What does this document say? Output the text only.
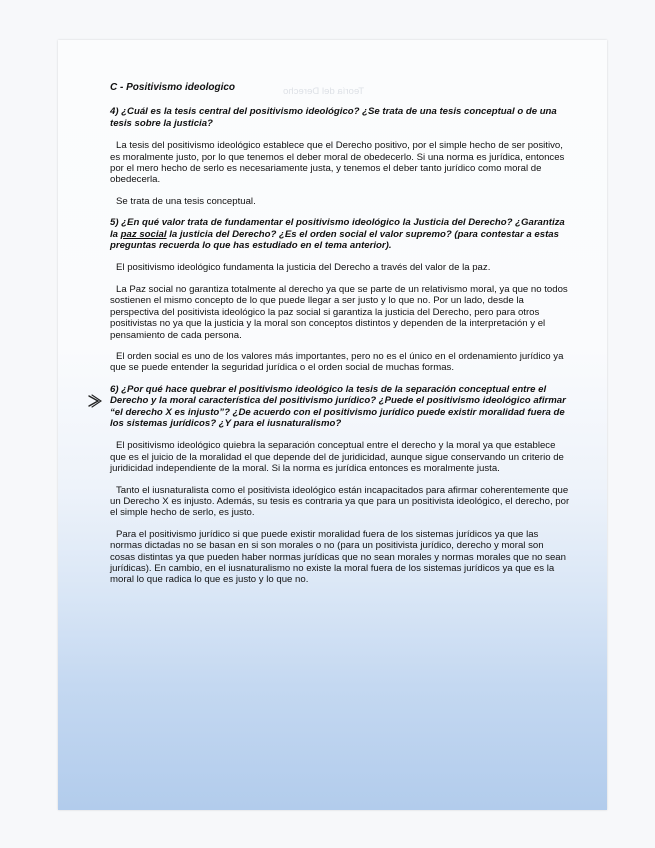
Teoría del Derecho
C - Positivismo ideologico
4) ¿Cuál es la tesis central del positivismo ideológico? ¿Se trata de una tesis conceptual o de una tesis sobre la justicia?

La tesis del positivismo ideológico establece que el Derecho positivo, por el simple hecho de ser positivo, es moralmente justo, por lo que tenemos el deber moral de obedecerlo. Si una norma es jurídica, entonces por el mero hecho de serlo es necesariamente justa, y tenemos el deber tanto jurídico como moral de obedecerla.

Se trata de una tesis conceptual.

5) ¿En qué valor trata de fundamentar el positivismo ideológico la Justicia del Derecho? ¿Garantiza la paz social la justicia del Derecho? ¿Es el orden social el valor supremo? (para contestar a estas preguntas recuerda lo que has estudiado en el tema anterior).

El positivismo ideológico fundamenta la justicia del Derecho a través del valor de la paz.

La Paz social no garantiza totalmente al derecho ya que se parte de un relativismo moral, ya que no todos sostienen el mismo concepto de lo que puede llegar a ser justo y lo que no. Por un lado, desde la perspectiva del positivista ideológico la paz social si garantiza la justicia del Derecho, pero para otros positivistas no ya que la justicia y la moral son conceptos distintos y dependen de la interpretación y el pensamiento de cada persona.

El orden social es uno de los valores más importantes, pero no es el único en el ordenamiento jurídico ya que se puede entender la seguridad jurídica o el orden social de muchas formas.

6) ¿Por qué hace quebrar el positivismo ideológico la tesis de la separación conceptual entre el Derecho y la moral característica del positivismo jurídico? ¿Puede el positivismo ideológico afirmar “el derecho X es injusto”? ¿De acuerdo con el positivismo jurídico puede existir moralidad fuera de los sistemas jurídicos? ¿Y para el iusnaturalismo?

El positivismo ideológico quiebra la separación conceptual entre el derecho y la moral ya que establece que es el juicio de la moralidad el que depende del de juridicidad, aunque sigue conservando un criterio de juridicidad independiente de la moral. Si la norma es jurídica entonces es moralmente justa.

Tanto el iusnaturalista como el positivista ideológico están incapacitados para afirmar coherentemente que un Derecho X es injusto. Además, su tesis es contraria ya que para un positivista ideológico, el derecho, por el simple hecho de serlo, es justo.

Para el positivismo jurídico si que puede existir moralidad fuera de los sistemas jurídicos ya que las normas dictadas no se basan en si son morales o no (para un positivista jurídico, derecho y moral son cosas distintas ya que pueden haber normas jurídicas que no sean morales y normas morales que no sean jurídicas). En cambio, en el iusnaturalismo no existe la moral fuera de los sistemas jurídicos ya que es la moral lo que radica lo que es justo y lo que no.
